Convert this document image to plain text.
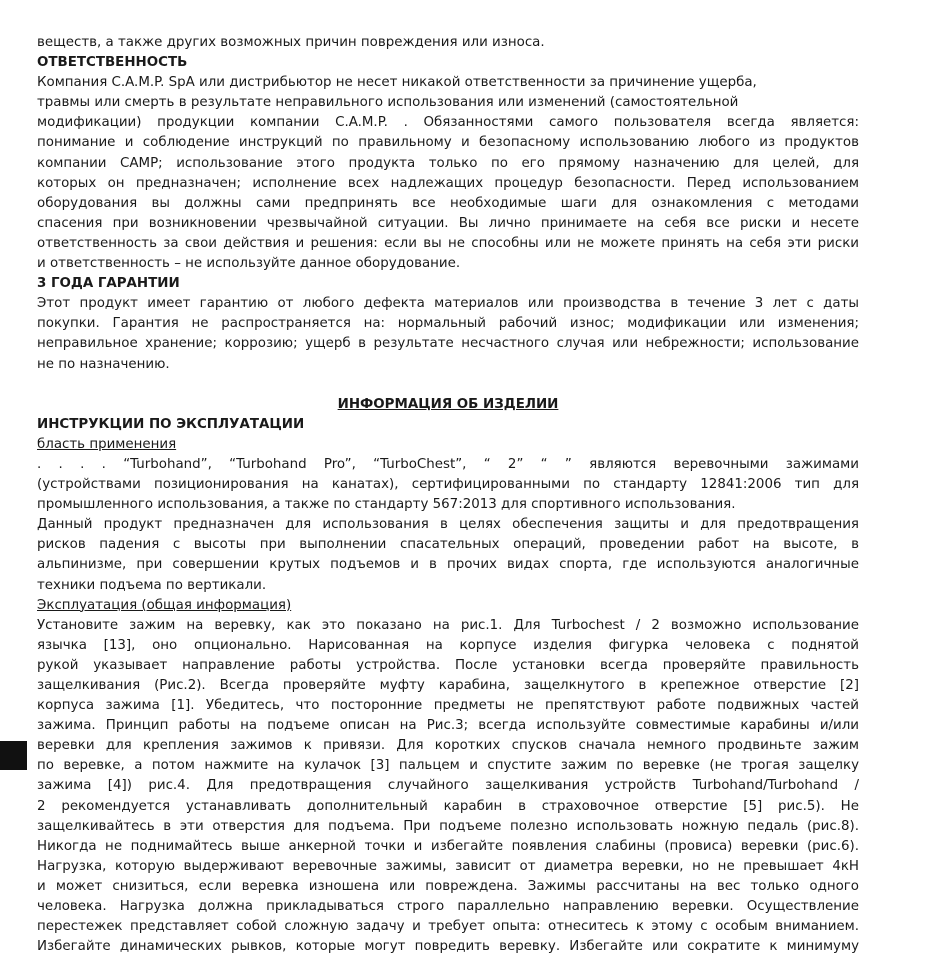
веществ, а также других возможных причин повреждения или износа.
ОТВЕТСТВЕННОСТЬ
Компания C.A.M.P. SpA или дистрибьютор не несет никакой ответственности за причинение ущерба,
травмы или смерть в результате неправильного использования или изменений (самостоятельной
модификации) продукции компании C.A.M.P. . Обязанностями самого пользователя всегда является:
понимание и соблюдение инструкций по правильному и безопасному использованию любого из продуктов
компании CAMP; использование этого продукта только по его прямому назначению для целей, для
которых он предназначен; исполнение всех надлежащих процедур безопасности. Перед использованием
оборудования вы должны сами предпринять все необходимые шаги для ознакомления с методами
спасения при возникновении чрезвычайной ситуации. Вы лично принимаете на себя все риски и несете
ответственность за свои действия и решения: если вы не способны или не можете принять на себя эти риски
и ответственность – не используйте данное оборудование.
3 ГОДА ГАРАНТИИ
Этот продукт имеет гарантию от любого дефекта материалов или производства в течение 3 лет с даты
покупки. Гарантия не распространяется на: нормальный рабочий износ; модификации или изменения;
неправильное хранение; коррозию; ущерб в результате несчастного случая или небрежности; использование
не по назначению.
ИНФОРМАЦИЯ ОБ ИЗДЕЛИИ
ИНСТРУКЦИИ ПО ЭКСПЛУАТАЦИИ
бласть применения
. . . . “Turbohand”, “Turbohand Pro”, “TurboChest”, “ 2” “ ” являются веревочными зажимами
(устройствами позиционирования на канатах), сертифицированными по стандарту 12841:2006 тип для
промышленного использования, а также по стандарту 567:2013 для спортивного использования.
Данный продукт предназначен для использования в целях обеспечения защиты и для предотвращения
рисков падения с высоты при выполнении спасательных операций, проведении работ на высоте, в
альпинизме, при совершении крутых подъемов и в прочих видах спорта, где используются аналогичные
техники подъема по вертикали.
Эксплуатация (общая информация)
Установите зажим на веревку, как это показано на рис.1. Для Turbochest / 2 возможно использование
язычка [13], оно опционально. Нарисованная на корпусе изделия фигурка человека с поднятой
рукой указывает направление работы устройства. После установки всегда проверяйте правильность
защелкивания (Рис.2). Всегда проверяйте муфту карабина, защелкнутого в крепежное отверстие [2]
корпуса зажима [1]. Убедитесь, что посторонние предметы не препятствуют работе подвижных частей
зажима. Принцип работы на подъеме описан на Рис.3; всегда используйте совместимые карабины и/или
веревки для крепления зажимов к привязи. Для коротких спусков сначала немного продвиньте зажим
по веревке, а потом нажмите на кулачок [3] пальцем и спустите зажим по веревке (не трогая защелку
зажима [4]) рис.4. Для предотвращения случайного защелкивания устройств Turbohand/Turbohand /
2 рекомендуется устанавливать дополнительный карабин в страховочное отверстие [5] рис.5). Не
защелкивайтесь в эти отверстия для подъема. При подъеме полезно использовать ножную педаль (рис.8).
Никогда не поднимайтесь выше анкерной точки и избегайте появления слабины (провиса) веревки (рис.6).
Нагрузка, которую выдерживают веревочные зажимы, зависит от диаметра веревки, но не превышает 4кН
и может снизиться, если веревка изношена или повреждена. Зажимы рассчитаны на вес только одного
человека. Нагрузка должна прикладываться строго параллельно направлению веревки. Осуществление
перестежек представляет собой сложную задачу и требует опыта: отнеситесь к этому с особым вниманием.
Избегайте динамических рывков, которые могут повредить веревку. Избегайте или сократите к минимуму
